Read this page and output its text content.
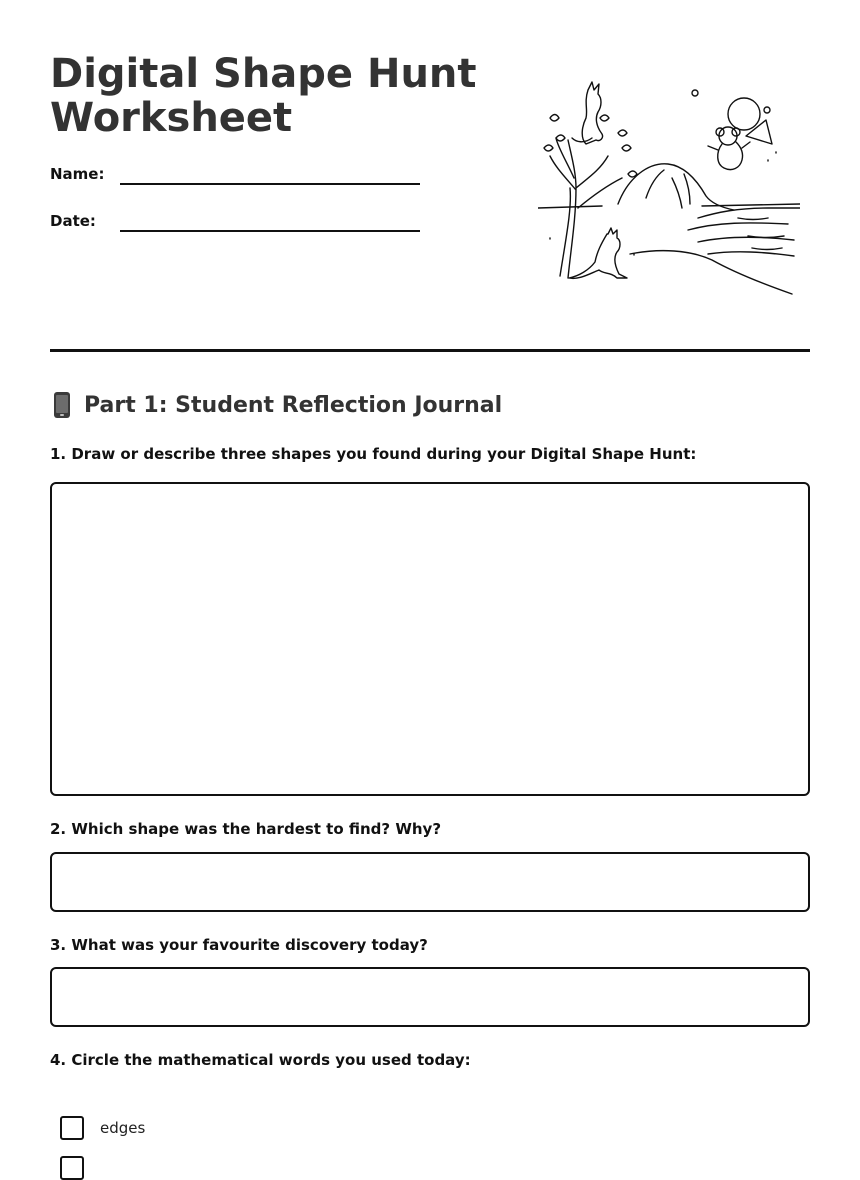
Digital Shape Hunt Worksheet
Name:
Date:
Part 1: Student Reflection Journal
1. Draw or describe three shapes you found during your Digital Shape Hunt:
2. Which shape was the hardest to find? Why?
3. What was your favourite discovery today?
4. Circle the mathematical words you used today:
edges
